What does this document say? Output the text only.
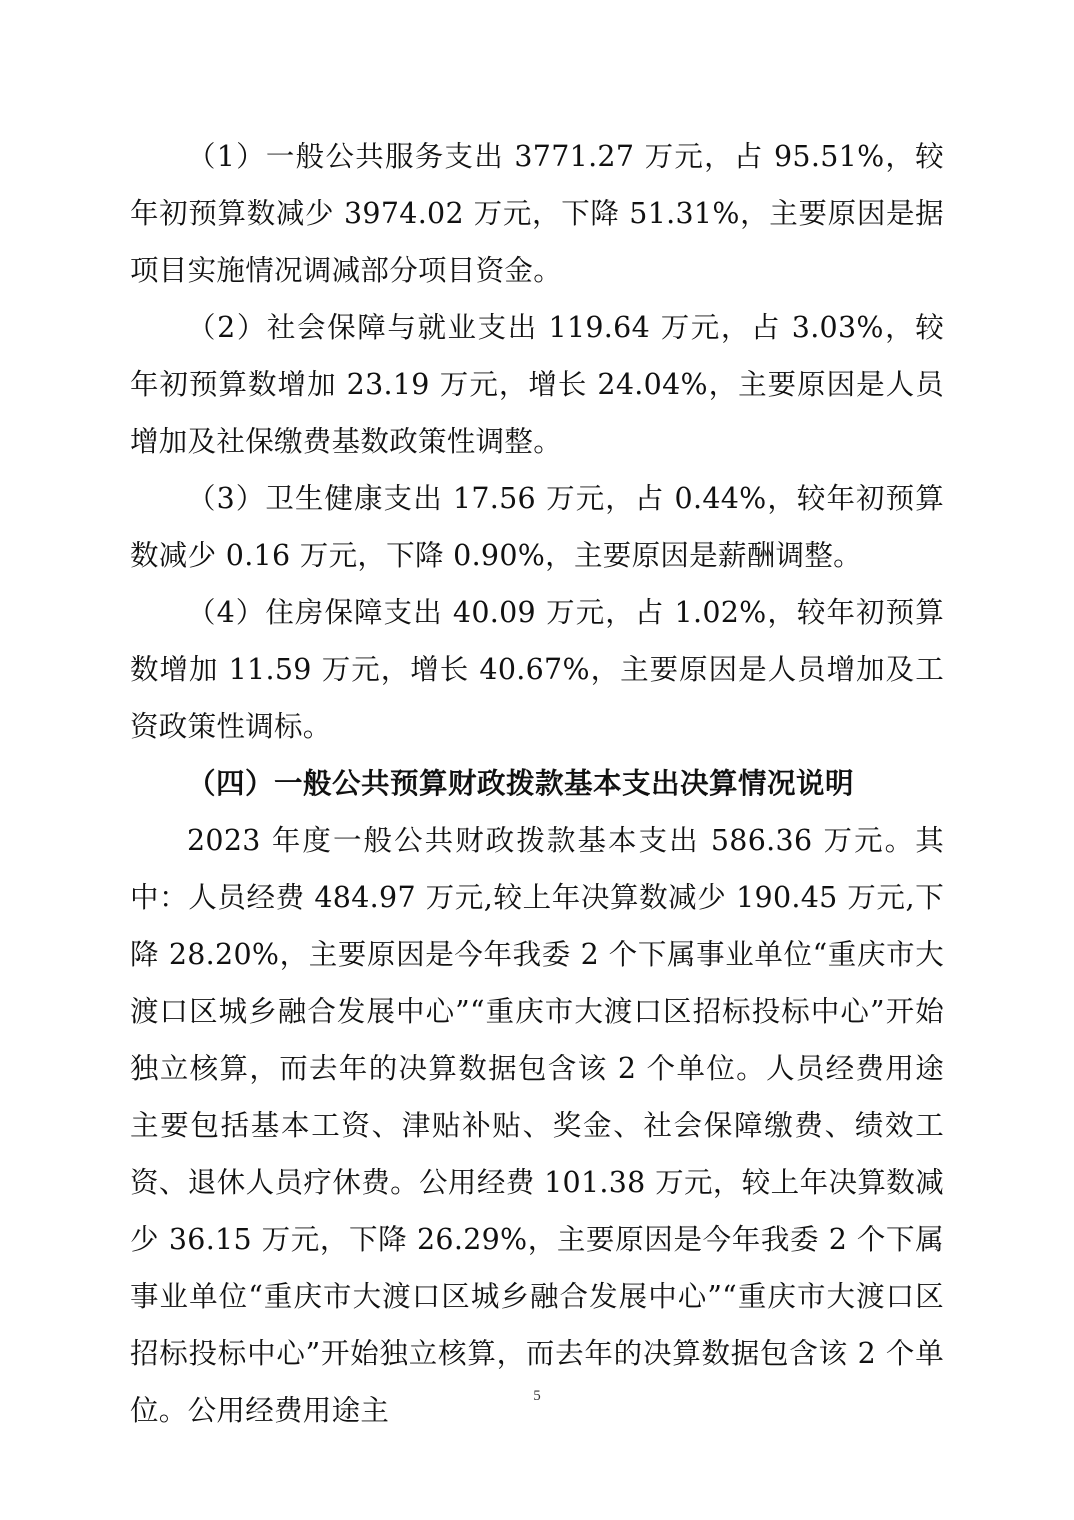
（1）一般公共服务支出 3771.27 万元，占 95.51%，较年初预算数减少 3974.02 万元，下降 51.31%，主要原因是据项目实施情况调减部分项目资金。

（2）社会保障与就业支出 119.64 万元，占 3.03%，较年初预算数增加 23.19 万元，增长 24.04%，主要原因是人员增加及社保缴费基数政策性调整。

（3）卫生健康支出 17.56 万元，占 0.44%，较年初预算数减少 0.16 万元，下降 0.90%，主要原因是薪酬调整。

（4）住房保障支出 40.09 万元，占 1.02%，较年初预算数增加 11.59 万元，增长 40.67%，主要原因是人员增加及工资政策性调标。

（四）一般公共预算财政拨款基本支出决算情况说明

2023 年度一般公共财政拨款基本支出 586.36 万元。其中：人员经费 484.97 万元,较上年决算数减少 190.45 万元,下降 28.20%，主要原因是今年我委 2 个下属事业单位“重庆市大渡口区城乡融合发展中心”“重庆市大渡口区招标投标中心”开始独立核算，而去年的决算数据包含该 2 个单位。人员经费用途主要包括基本工资、津贴补贴、奖金、社会保障缴费、绩效工资、退休人员疗休费。公用经费 101.38 万元，较上年决算数减少 36.15 万元，下降 26.29%，主要原因是今年我委 2 个下属事业单位“重庆市大渡口区城乡融合发展中心”“重庆市大渡口区招标投标中心”开始独立核算，而去年的决算数据包含该 2 个单位。公用经费用途主	5
